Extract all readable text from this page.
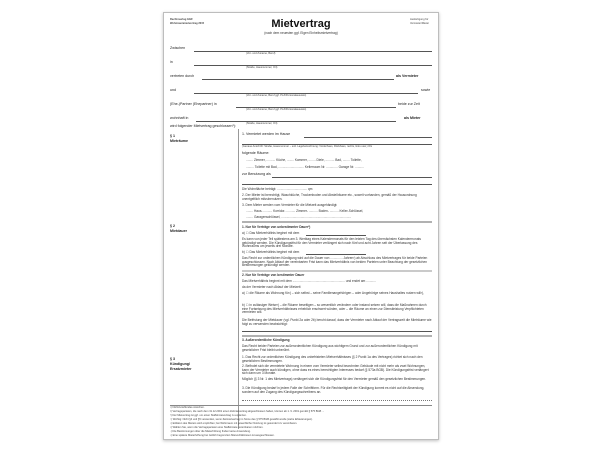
Rechtsverlag GbR
Wohnraummietvertrag 2015	Mietvertrag
(nach dem neuesten ggf. Eigen Einheitsmietvertrag)
Ausfertigung für
Vermieter/Mieter
Zwischen
(Vor- und Zuname, Beruf)
in
(Straße, Hausnummer, Ort)
vertreten durch	als Vermieter
und	sowie
(Vor- und Zuname, Beruf ggf. PLZ/Personalausweis)
(Ehe-)Partner (Ehepartner) in	beide zur Zeit
(Vor- und Zuname, Beruf ggf. PLZ/Personalausweis)
wohnhaft in	als Mieter
(Straße, Hausnummer, Ort)
wird folgender Mietvertrag geschlossen¹):
§ 1
Mieträume
1. Vermietet werden im Hause
(Genaue Anschrift: Straße, Hausnummer – evtl. Lagebezeichnung: Vorderhaus, Rückhaus, rechts, links usw.) OG
folgende Räume:
........ Zimmer, .......... Küche, ........ Kammer, ........ Diele, .......... Bad, ........ Toilette,
......... Toilette mit Bad, ............................. Kellerraum Nr. ............. Garage Nr. ..........
zur Benutzung als
Die Wohnfläche beträgt: .................................. qm
2. Der Mieter ist berechtigt, Waschküche, Trockenboden und Abstellräume etc., soweit vorhanden, gemäß der Hausordnung unentgeltlich mitzubenutzen.
3. Dem Mieter werden vom Vermieter für die Mietzeit ausgehändigt:
........ Haus- .......... Korridor- .......... Zimmer- .......... Boden- .......... Keller-Schlüssel,
........ Garagenschlüssel, ...............................................................................
§ 2
Mietdauer
1. Nur für Verträge von unbestimmter Dauer²)
a) ☐ Das Mietverhältnis beginnt mit dem
Es kann von jeder Teil spätestens am 3. Werktag eines Kalendermonats für den letzten Tag des übernächsten Kalendermonats gekündigt werden. Die Kündigungsfrist für den Vermieter verlängert sich nach fünf und acht Jahren seit der Überlassung des Wohnraums um jeweils drei Monate.
b) ☐ Das Mietverhältnis beginnt mit dem
Das Recht zur ordentlichen Kündigung wird auf die Dauer von .............. Jahren³) ab Abschluss des Mietvertrages für beide Parteien ausgeschlossen. Nach Ablauf der vereinbarten Frist kann das Mietverhältnis von beiden Parteien unter Beachtung der gesetzlichen Bestimmungen gekündigt werden.
2. Nur für Verträge von bestimmter Dauer
Das Mietverhältnis beginnt mit dem ........................................................... und endet am ...........
da der Vermieter nach Ablauf der Mietzeit
a) ☐ die Räume als Wohnung für¹) – sich selbst – seine Familienangehörigen – oder Angehörige seines Haushaltes nutzen will³),
b) ☐ in zulässiger Weise³) – die Räume beseitigen – so wesentlich verändern oder instand setzen will, dass die Maßnahmen durch eine Fortsetzung des Mietverhältnisses erheblich erschwert würden, oder – die Räume an einen zur Dienstleistung Verpflichteten vermieten will.
Die Befristung der Mietdauer (vgl. Punkt 2a oder 2b) beruht darauf, dass der Vermieter nach Ablauf der Vertragszeit die Mieträume wie folgt zu verwenden beabsichtigt:
3. Außerordentliche Kündigung
Das Recht beider Parteien zur außerordentlichen Kündigung aus wichtigem Grund und zur außerordentlichen Kündigung mit gesetzlicher Frist bleibt unberührt.
§ 3
Kündigung/
Ersatzmieter
1. Das Recht zur ordentlichen Kündigung des unbefristeten Mietverhältnisses (§ 2 Punkt 1a des Vertrages) richtet sich nach den gesetzlichen Bestimmungen.
2. Befindet sich die vermietete Wohnung in einem vom Vermieter selbst bewohnten Gebäude mit nicht mehr als zwei Wohnungen, kann der Vermieter auch kündigen, ohne dass es eines berechtigten Interesses bedarf (§ 573a BGB). Die Kündigungsfrist verlängert sich dann um 3 Monate.
Möglich (§ 3 Nr. 1 des Mietvertrags) verlängert sich die Kündigungsfrist für den Vermieter gemäß den gesetzlichen Bestimmungen.
3. Die Kündigung bedarf in jedem Falle der Schriftform. Für die Rechtzeitigkeit der Kündigung kommt es nicht auf die Absendung, sondern auf den Zugang des Kündigungsschreibens an.
¹) Nichtzutreffendes streichen.
²) Vertragsparteien, die nach dem 31.12.2001 einen Zeitmietvertrag abgeschlossen haben, können ab 1. 9. 2001 gemäß § 575 BGB ...
³) Der Mietvertrag ist ggf. um einen Staffelmietvertrag zu ergänzen.
⁴) Wichtig: Nicht §4 und §5 verwenden, wenn Zeitmietvertrag im Sinne des § 575 BGB gewählt wurde (siehe Erläuterungen).
⁵) Erklären des Mieters wird empfohlen; bei Wohnraum mit gewerblicher Nutzung ist gesondert zu vereinbaren.
⁶) Wählen Sie, wenn die Vertragsparteien eine Staffelmiete vereinbaren möchten.
⁷) Die Bestimmungen über die Mieterhöhung finden keine Anwendung.
⁸) Eine spätere Mieterhöhung bei zeitlich begrenzten Mietverhältnissen ist ausgeschlossen.
